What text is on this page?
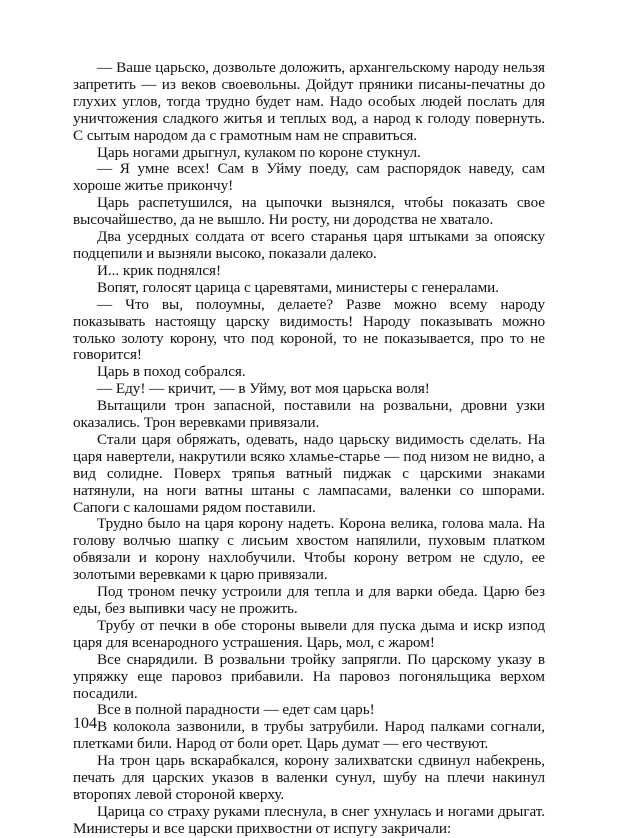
— Ваше царьско, дозвольте доложить, архангельскому народу нельзя запретить — из веков своевольны. Дойдут пряники писаны-печатны до глухих углов, тогда трудно будет нам. Надо особых людей послать для уничтожения сладкого житья и теплых вод, а народ к голоду повернуть. С сытым народом да с грамотным нам не справиться.

Царь ногами дрыгнул, кулаком по короне стукнул.

— Я умне всех! Сам в Уйму поеду, сам распорядок наведу, сам хороше житье прикончу!

Царь распетушился, на цыпочки вызнялся, чтобы показать свое высочайшество, да не вышло. Ни росту, ни дородства не хватало.

Два усердных солдата от всего старанья царя штыками за опояску подцепили и вызняли высоко, показали далеко.

И... крик поднялся!

Вопят, голосят царица с царевятами, министеры с генералами.

— Что вы, полоумны, делаете? Разве можно всему народу показывать настоящу царску видимость! Народу показывать можно только золоту корону, что под короной, то не показывается, про то не говорится!

Царь в поход собрался.

— Еду! — кричит, — в Уйму, вот моя царьска воля!

Вытащили трон запасной, поставили на розвальни, дровни узки оказались. Трон веревками привязали.

Стали царя обряжать, одевать, надо царьску видимость сделать. На царя навертели, накрутили всяко хламье-старье — под низом не видно, а вид солидне. Поверх тряпья ватный пиджак с царскими знаками натянули, на ноги ватны штаны с лампасами, валенки со шпорами. Сапоги с калошами рядом поставили.

Трудно было на царя корону надеть. Корона велика, голова мала. На голову волчью шапку с лисьим хвостом напялили, пуховым платком обвязали и корону нахлобучили. Чтобы корону ветром не сдуло, ее золотыми веревками к царю привязали.

Под троном печку устроили для тепла и для варки обеда. Царю без еды, без выпивки часу не прожить.

Трубу от печки в обе стороны вывели для пуска дыма и искр изпод царя для всенародного устрашения. Царь, мол, с жаром!

Все снарядили. В розвальни тройку запрягли. По царскому указу в упряжку еще паровоз прибавили. На паровоз погоняльщика верхом посадили.

Все в полной парадности — едет сам царь!

В колокола зазвонили, в трубы затрубили. Народ палками согнали, плетками били. Народ от боли орет. Царь думат — его чествуют.

На трон царь вскарабкался, корону залихватски сдвинул набекрень, печать для царских указов в валенки сунул, шубу на плечи накинул второпях левой стороной кверху.

Царица со страху руками плеснула, в снег ухнулась и ногами дрыгат. Министеры и все царски прихвостни от испугу закричали:

104
